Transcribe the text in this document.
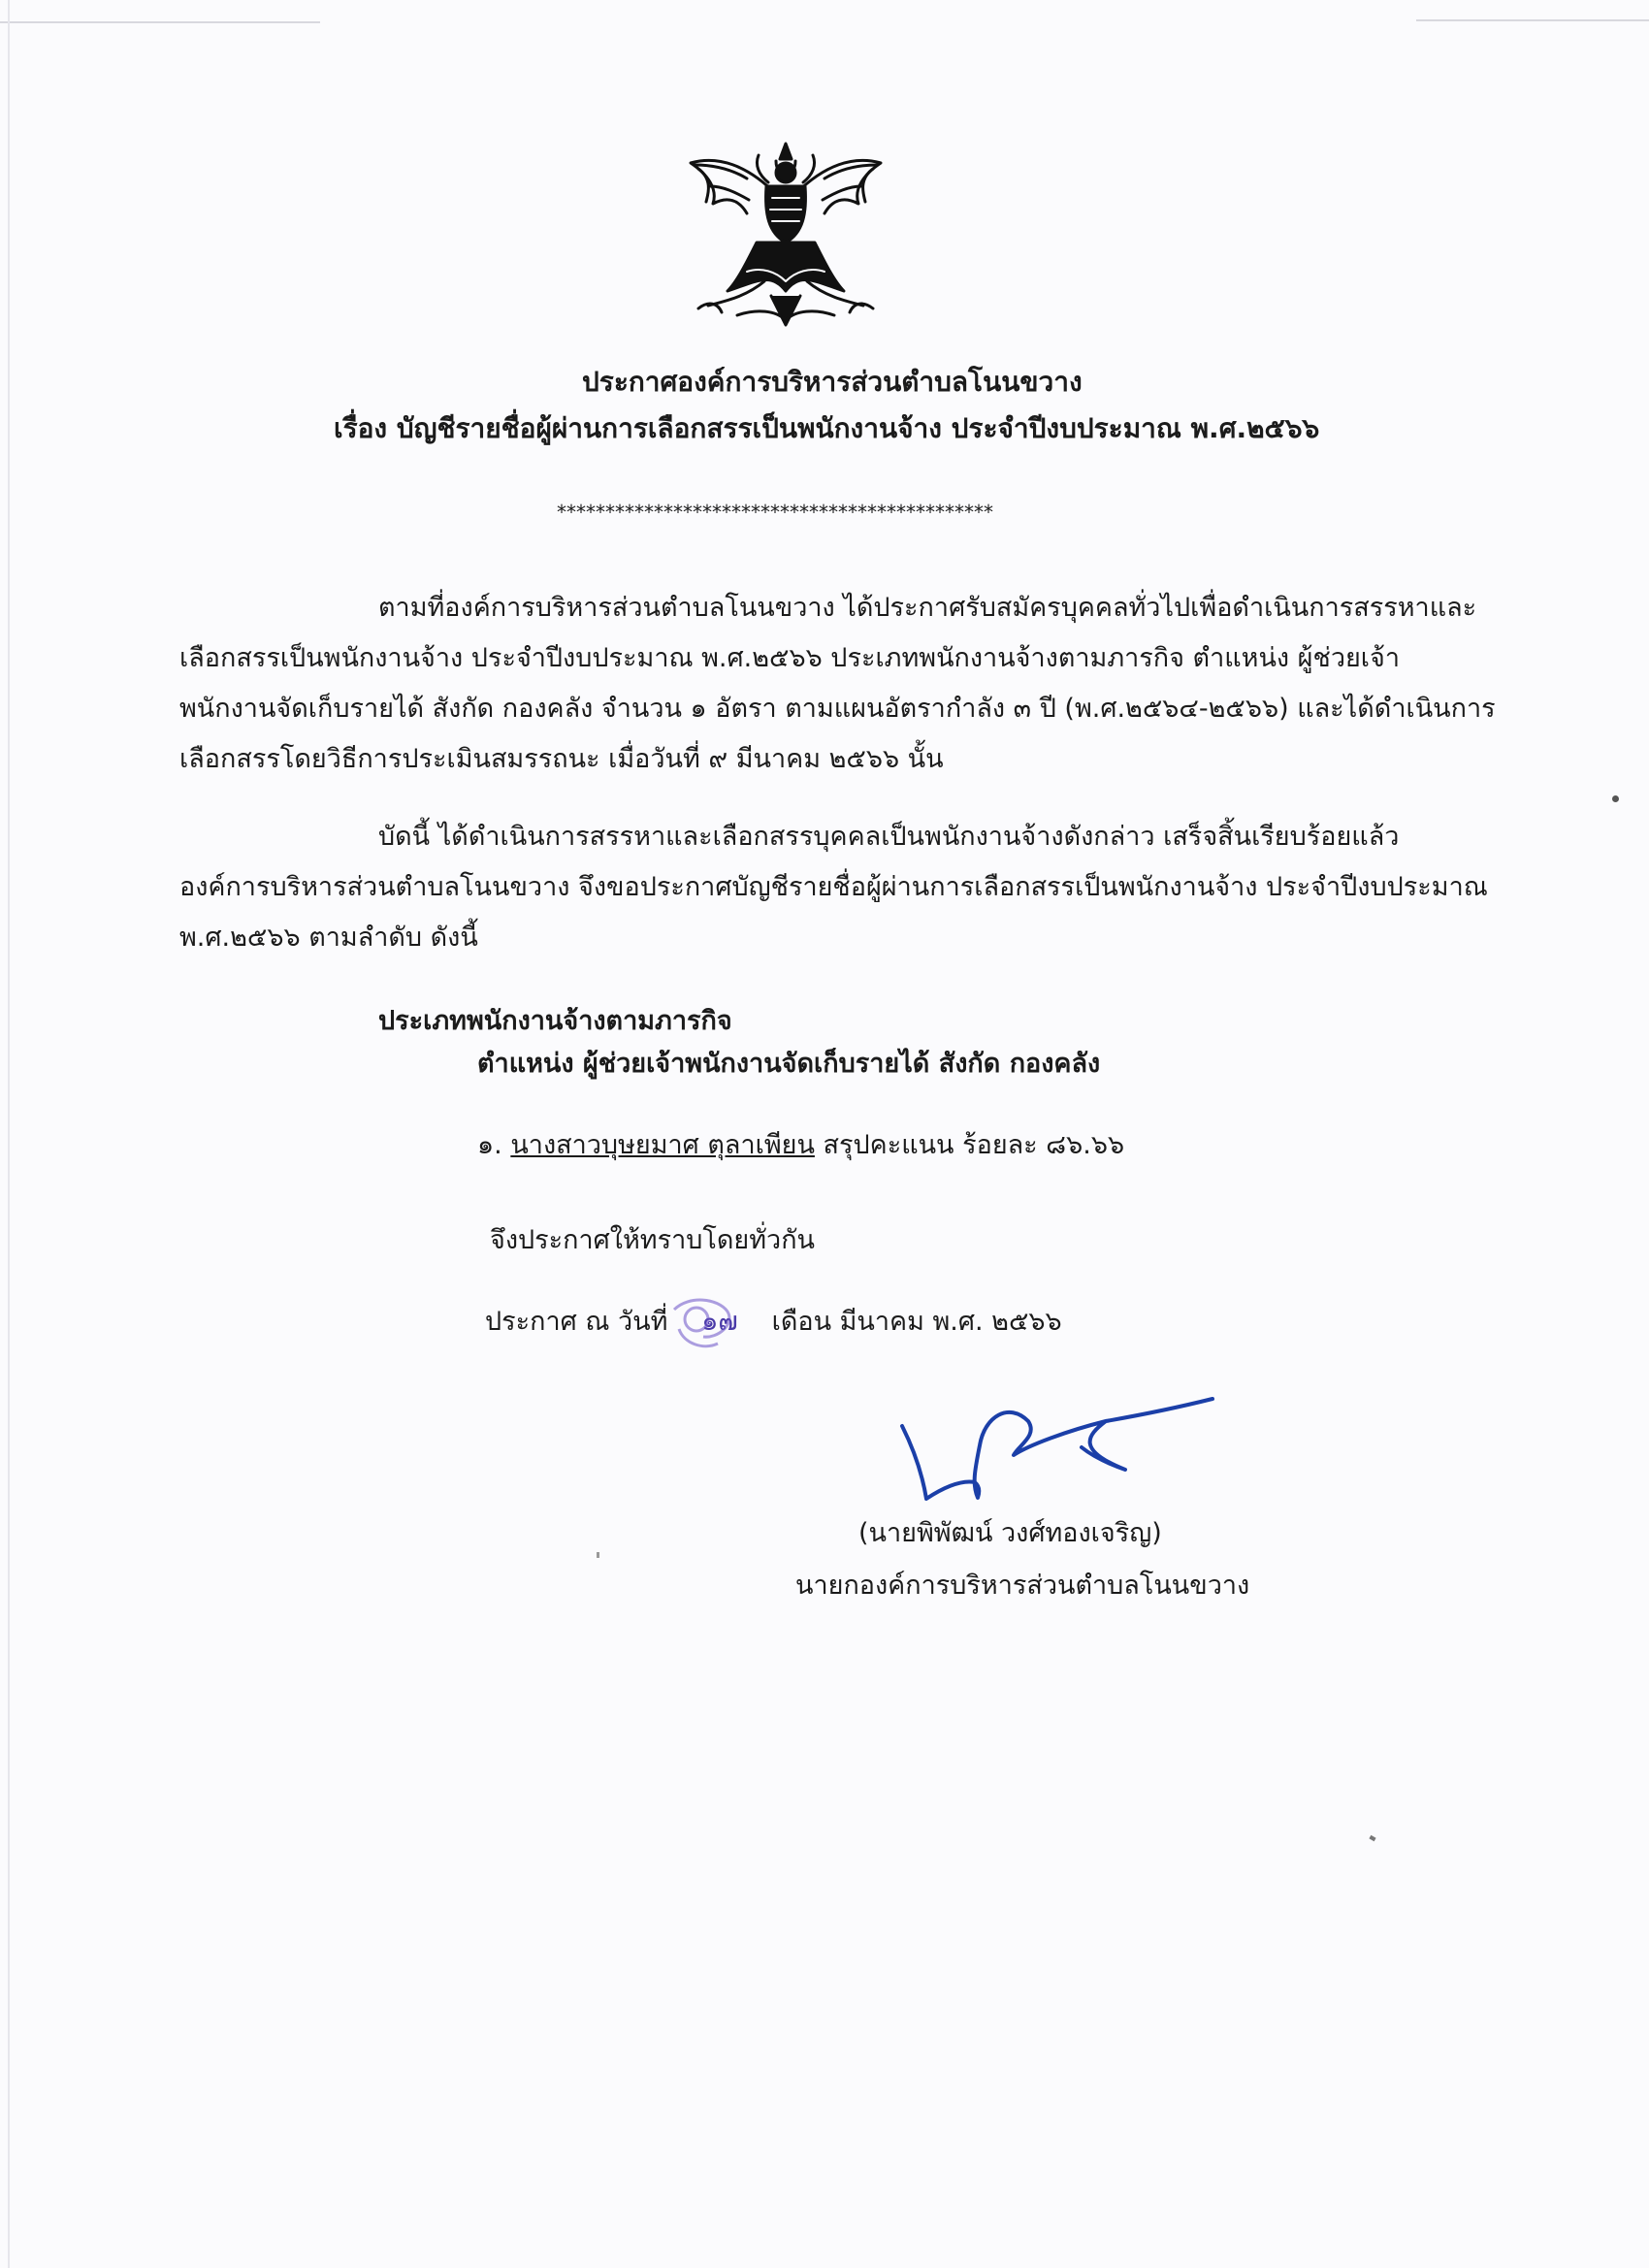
ประกาศองค์การบริหารส่วนตำบลโนนขวาง
เรื่อง บัญชีรายชื่อผู้ผ่านการเลือกสรรเป็นพนักงานจ้าง ประจำปีงบประมาณ พ.ศ.๒๕๖๖
*********************************************
ตามที่องค์การบริหารส่วนตำบลโนนขวาง ได้ประกาศรับสมัครบุคคลทั่วไปเพื่อดำเนินการสรรหาและ
เลือกสรรเป็นพนักงานจ้าง ประจำปีงบประมาณ พ.ศ.๒๕๖๖ ประเภทพนักงานจ้างตามภารกิจ ตำแหน่ง ผู้ช่วยเจ้า
พนักงานจัดเก็บรายได้ สังกัด กองคลัง จำนวน ๑ อัตรา ตามแผนอัตรากำลัง ๓ ปี (พ.ศ.๒๕๖๔-๒๕๖๖) และได้ดำเนินการ
เลือกสรรโดยวิธีการประเมินสมรรถนะ เมื่อวันที่ ๙ มีนาคม ๒๕๖๖ นั้น
บัดนี้ ได้ดำเนินการสรรหาและเลือกสรรบุคคลเป็นพนักงานจ้างดังกล่าว เสร็จสิ้นเรียบร้อยแล้ว
องค์การบริหารส่วนตำบลโนนขวาง จึงขอประกาศบัญชีรายชื่อผู้ผ่านการเลือกสรรเป็นพนักงานจ้าง ประจำปีงบประมาณ
พ.ศ.๒๕๖๖ ตามลำดับ ดังนี้
ประเภทพนักงานจ้างตามภารกิจ
ตำแหน่ง ผู้ช่วยเจ้าพนักงานจัดเก็บรายได้ สังกัด กองคลัง
๑. นางสาวบุษยมาศ ตุลาเพียน สรุปคะแนน ร้อยละ ๘๖.๖๖
จึงประกาศให้ทราบโดยทั่วกัน
ประกาศ ณ วันที่ ๑๗ เดือน มีนาคม พ.ศ. ๒๕๖๖
(นายพิพัฒน์ วงศ์ทองเจริญ)
นายกองค์การบริหารส่วนตำบลโนนขวาง
